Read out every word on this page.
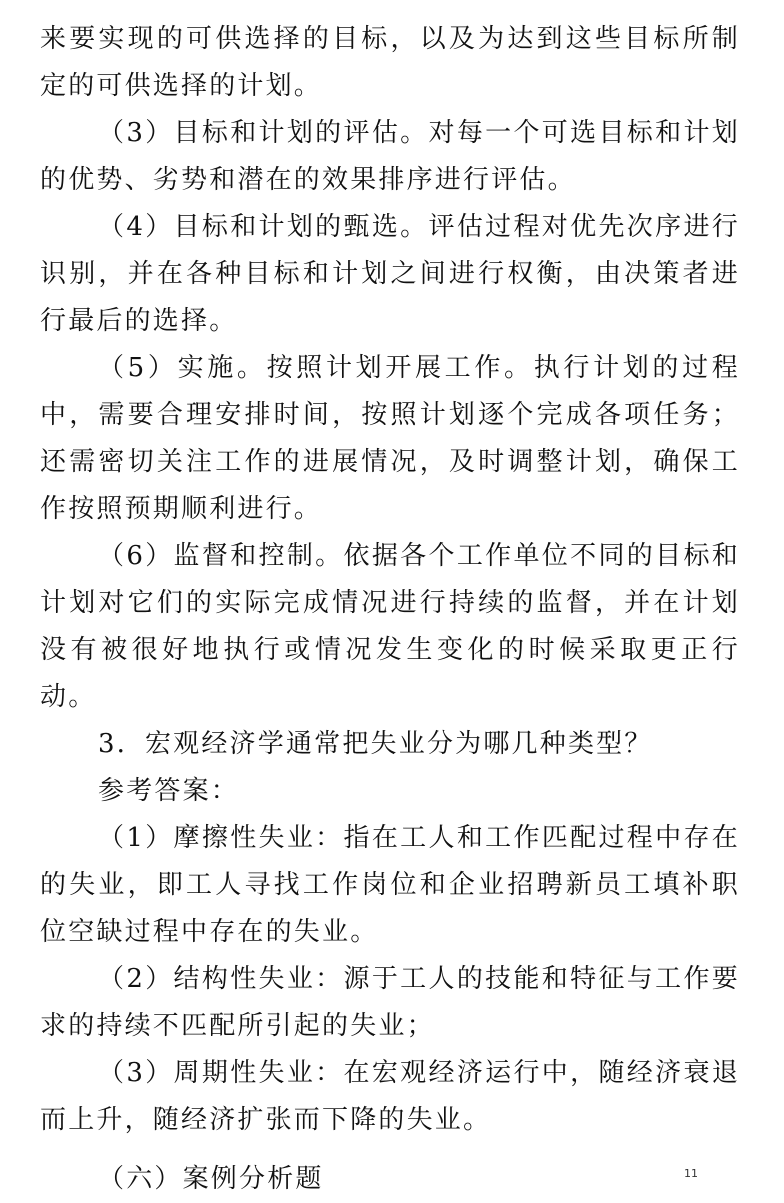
来要实现的可供选择的目标，以及为达到这些目标所制定的可供选择的计划。

（3）目标和计划的评估。对每一个可选目标和计划的优势、劣势和潜在的效果排序进行评估。

（4）目标和计划的甄选。评估过程对优先次序进行识别，并在各种目标和计划之间进行权衡，由决策者进行最后的选择。

（5）实施。按照计划开展工作。执行计划的过程中，需要合理安排时间，按照计划逐个完成各项任务；还需密切关注工作的进展情况，及时调整计划，确保工作按照预期顺利进行。

（6）监督和控制。依据各个工作单位不同的目标和计划对它们的实际完成情况进行持续的监督，并在计划没有被很好地执行或情况发生变化的时候采取更正行动。

3．宏观经济学通常把失业分为哪几种类型？

参考答案：

（1）摩擦性失业：指在工人和工作匹配过程中存在的失业，即工人寻找工作岗位和企业招聘新员工填补职位空缺过程中存在的失业。

（2）结构性失业：源于工人的技能和特征与工作要求的持续不匹配所引起的失业；

（3）周期性失业：在宏观经济运行中，随经济衰退而上升，随经济扩张而下降的失业。

（六）案例分析题	11
